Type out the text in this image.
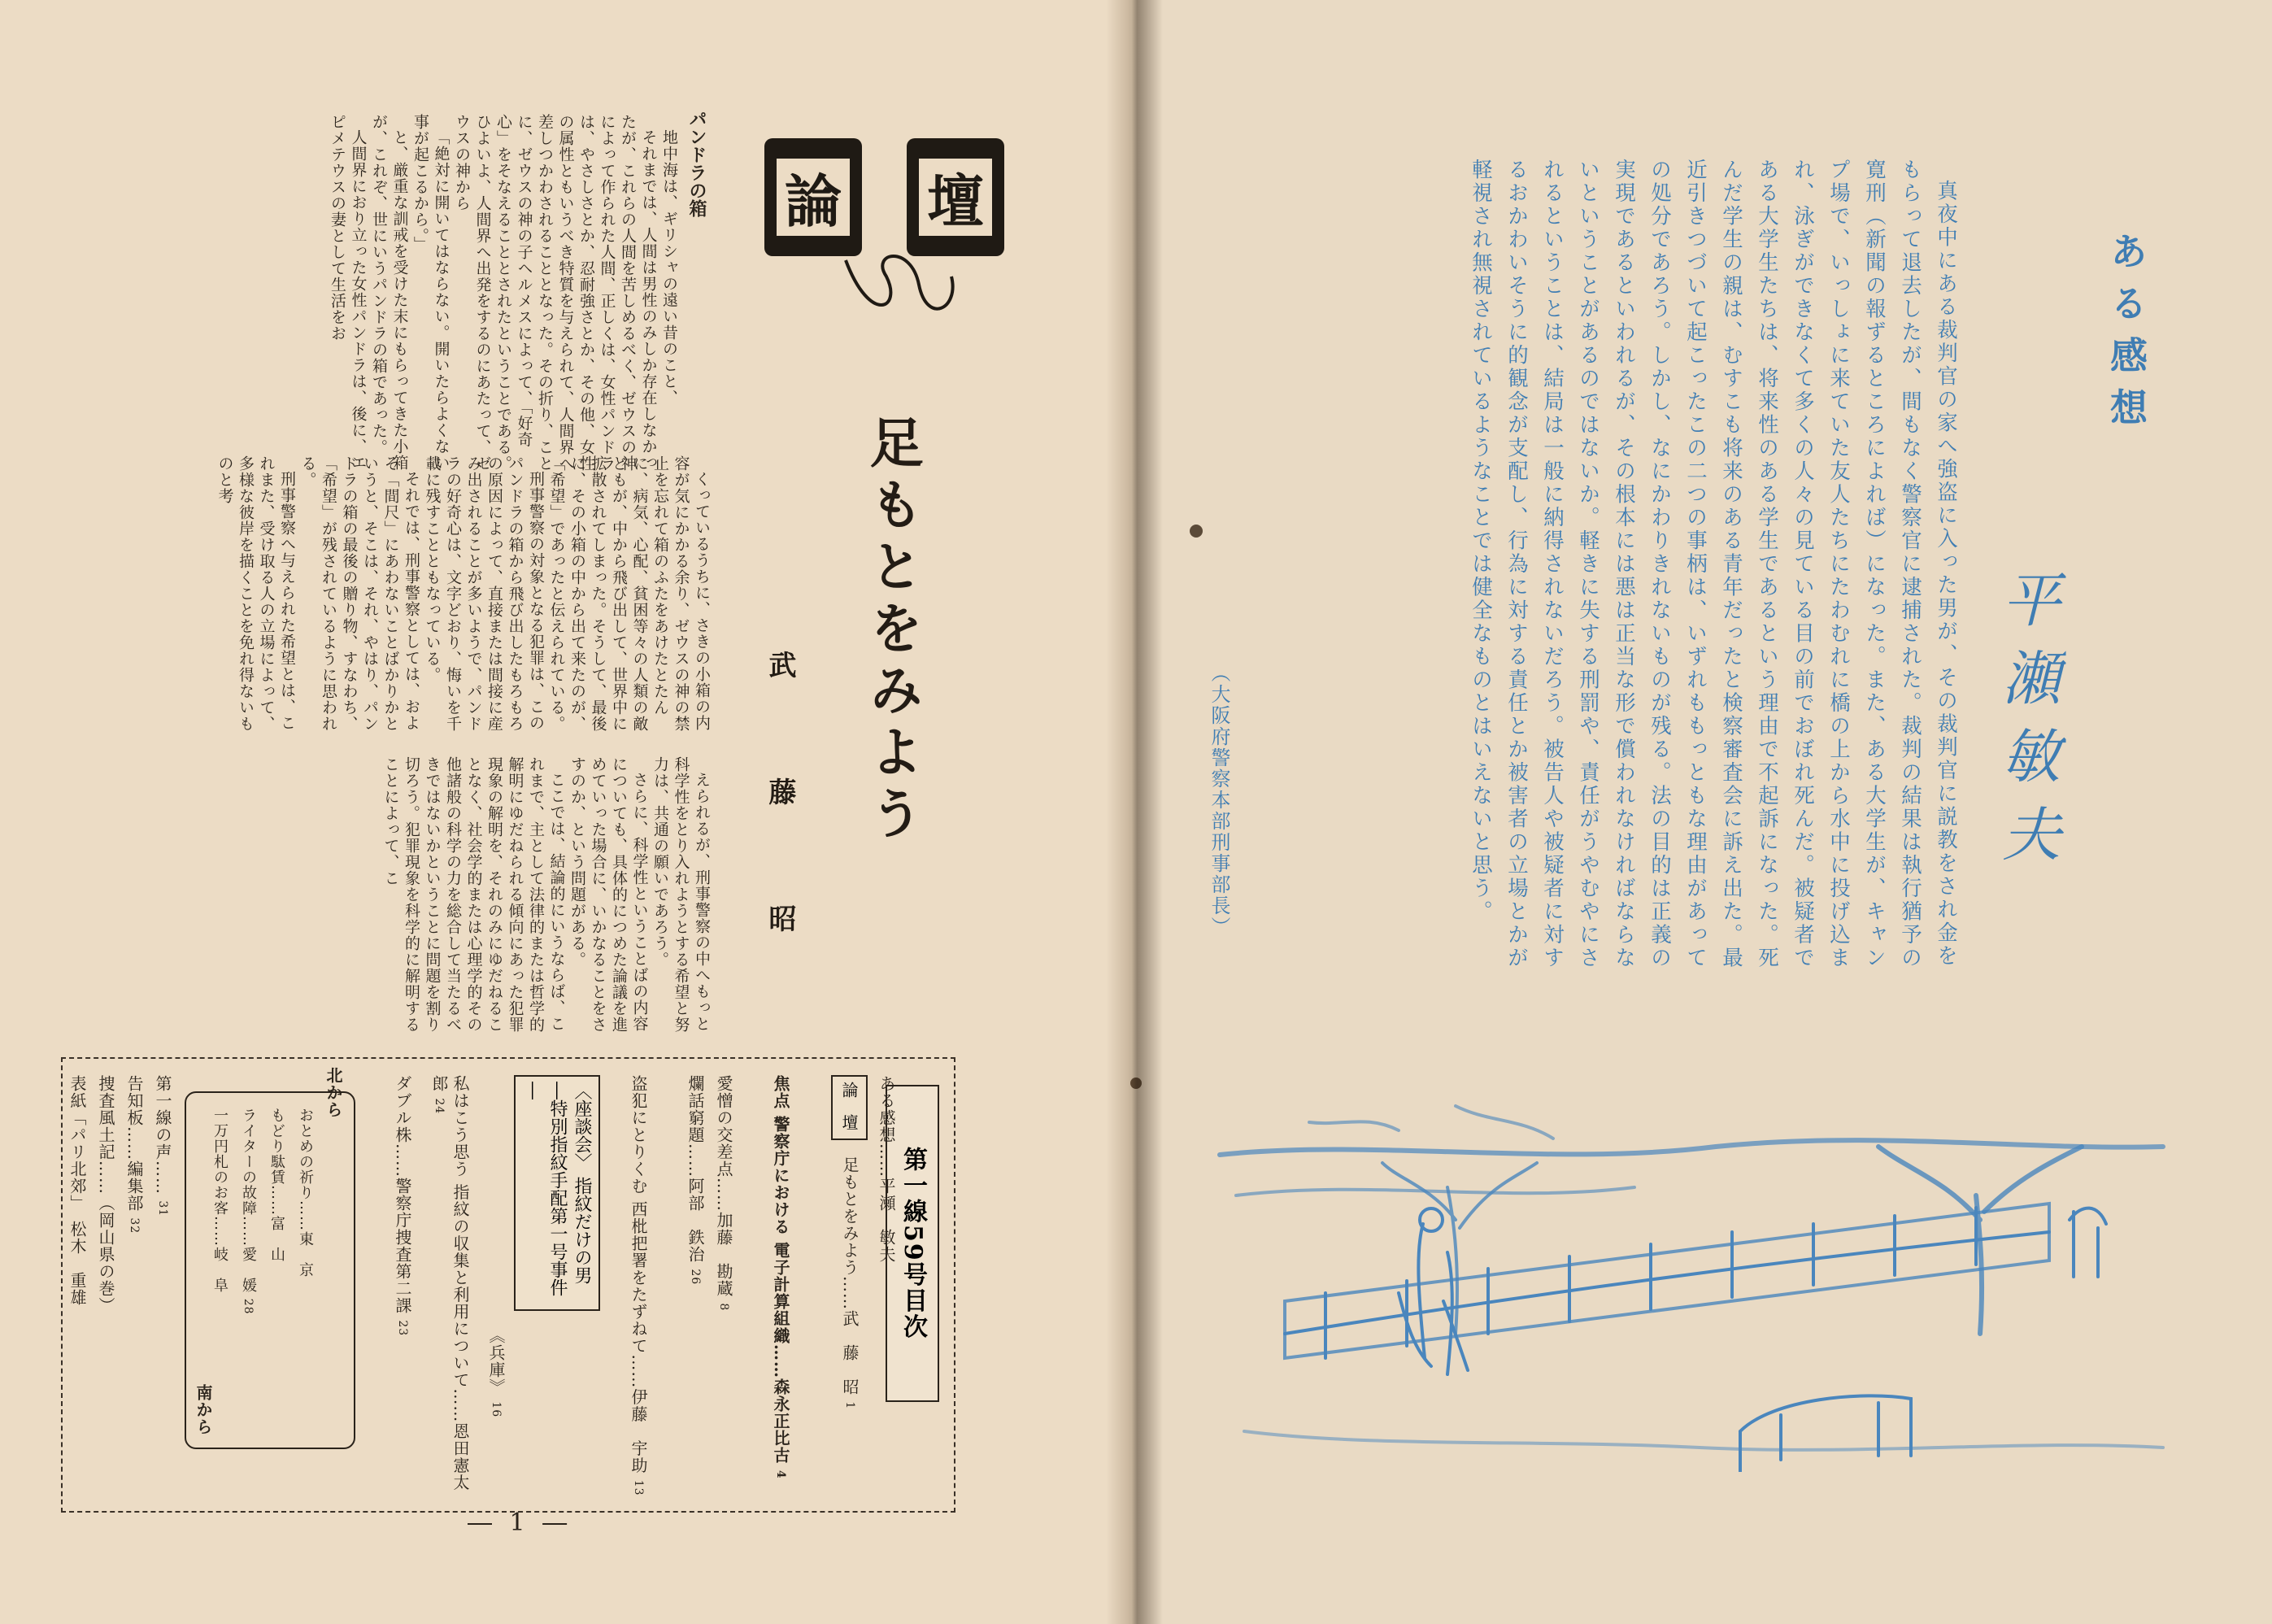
パンドラの箱

地中海は、ギリシャの遠い昔のこと、

それまでは、人間は男性のみしか存在しなかったが、これらの人間を苦しめるべく、ゼウスの神によって作られた人間、正しくは、女性パンドラは、やさしさとか、忍耐強さとか、その他、女性の属性ともいうべき特質を与えられて、人間界へ差しつかわされることとなった。その折り、ことに、ゼウスの神の子ヘルメスによって、「好奇心」をそなえることとされたということである。ひよいよ、人間界へ出発をするのにあたって、ゼウスの神から

「絶対に開いてはならない。開いたらよくない事が起こるから。」

と、厳重な訓戒を受けた末にもらってきた小箱が、これぞ、世にいうパンドラの箱であった。

人間界におり立った女性パンドラは、後に、エピメテウスの妻として生活をお	論 壇
足もとをみよう
武　藤　昭

くっているうちに、さきの小箱の内容が気にかかる余り、ゼウスの神の禁止を忘れて箱のふたをあけたとたんに、病気、心配、貧困等々の人類の敵どもが、中から飛び出して、世界中に拡散されてしまった。そうして、最後に、その小箱の中から出て来たのが、「希望」であったと伝えられている。

刑事警察の対象となる犯罪は、このパンドラの箱から飛び出したもろもろの原因によって、直接または間接に産み出されることが多いようで、パンドラの好奇心は、文字どおり、悔いを千載に残すことともなっている。

それでは、刑事警察としては、およそ「間尺」にあわないことばかりかというと、そこは、それ、やはり、パンドラの箱の最後の贈り物、すなわち、「希望」が残されているように思われる。

刑事警察へ与えられた希望とは、これまた、受け取る人の立場によって、多様な彼岸を描くことを免れ得ないものと考

えられるが、刑事警察の中へもっと科学性をとり入れようとする希望と努力は、共通の願いであろう。

さらに、科学性ということばの内容についても、具体的につめた論議を進めていった場合に、いかなることをさすのか、という問題がある。

ここでは、結論的にいうならば、これまで、主として法律的または哲学的解明にゆだねられる傾向にあった犯罪現象の解明を、それのみにゆだねることなく、社会学的または心理学的その他諸般の科学の力を総合して当たるべきではないかということに問題を割り切ろう。犯罪現象を科学的に解明することによって、こ

第一線59号目次
ある感想……平瀬　敏夫
論　壇
足もとをみよう……武　藤　昭 1
焦点 警察庁における 電子計算組織……森永正比古 4
愛憎の交差点……加藤　勘蔵 8
爛話窮題……阿部　鉄治 26
盗犯にとりくむ 西枇把署をたずねて……伊藤　宇助 13
〈座談会〉 指紋だけの男 ―特別指紋手配第一号事件―
《兵庫》 16
私はこう思う 指紋の収集と利用について……恩田憲太郎 24
ダブル株……警察庁捜査第二課 23
北から
南から
おとめの祈り……東　京
もどり駄賃……富　山
ライターの故障……愛　媛 28
一万円札のお客……岐　阜
第一線の声…… 31
告知板……編集部 32
捜査風土記……（岡山県の巻）
表紙「パリ北郊」　松木　重雄
― 1 ―
ある感想
平瀬敏夫

真夜中にある裁判官の家へ強盗に入った男が、その裁判官に説教をされ金をもらって退去したが、間もなく警察官に逮捕された。裁判の結果は執行猶予の寛刑（新聞の報ずるところによれば）になった。また、ある大学生が、キャンプ場で、いっしょに来ていた友人たちにたわむれに橋の上から水中に投げ込まれ、泳ぎができなくて多くの人々の見ている目の前でおぼれ死んだ。被疑者である大学生たちは、将来性のある学生であるという理由で不起訴になった。死んだ学生の親は、むすこも将来のある青年だったと検察審査会に訴え出た。最近引きつづいて起こったこの二つの事柄は、いずれももっともな理由があっての処分であろう。しかし、なにかわりきれないものが残る。法の目的は正義の実現であるといわれるが、その根本には悪は正当な形で償われなければならないということがあるのではないか。軽きに失する刑罰や、責任がうやむやにされるということは、結局は一般に納得されないだろう。被告人や被疑者に対するおかわいそうに的観念が支配し、行為に対する責任とか被害者の立場とかが軽視され無視されているようなことでは健全なものとはいえないと思う。

（大阪府警察本部刑事部長）
